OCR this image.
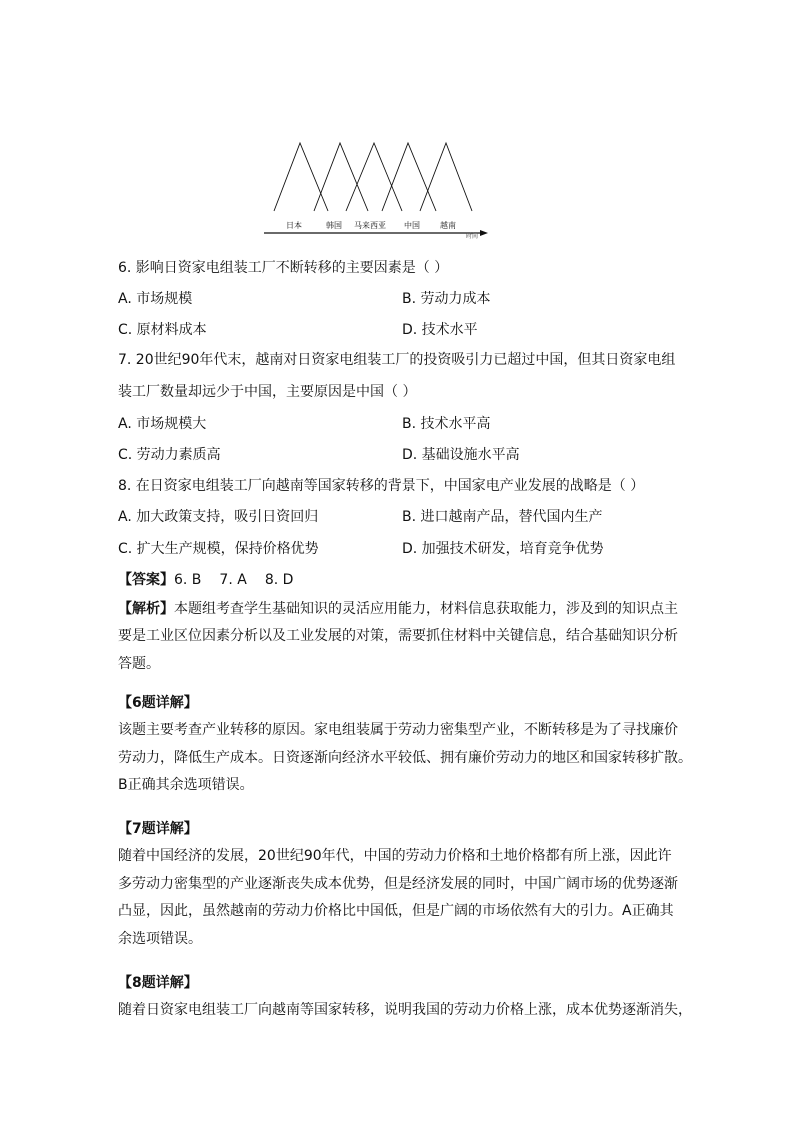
日本	韩国 马来西亚 中国	越南
时间
6. 影响日资家电组装工厂不断转移的主要因素是（ ）
A. 市场规模	B. 劳动力成本
C. 原材料成本	D. 技术水平
7. 20世纪90年代末，越南对日资家电组装工厂的投资吸引力已超过中国，但其日资家电组
装工厂数量却远少于中国，主要原因是中国（ ）
A. 市场规模大	B. 技术水平高
C. 劳动力素质高	D. 基础设施水平高
8. 在日资家电组装工厂向越南等国家转移的背景下，中国家电产业发展的战略是（ ）
A. 加大政策支持，吸引日资回归	B. 进口越南产品，替代国内生产
C. 扩大生产规模，保持价格优势	D. 加强技术研发，培育竞争优势
【答案】6. B 7. A 8. D
【解析】本题组考查学生基础知识的灵活应用能力，材料信息获取能力，涉及到的知识点主
要是工业区位因素分析以及工业发展的对策，需要抓住材料中关键信息，结合基础知识分析
答题。
【6题详解】
该题主要考查产业转移的原因。家电组装属于劳动力密集型产业，不断转移是为了寻找廉价
劳动力，降低生产成本。日资逐渐向经济水平较低、拥有廉价劳动力的地区和国家转移扩散。
B正确其余选项错误。
【7题详解】
随着中国经济的发展，20世纪90年代，中国的劳动力价格和土地价格都有所上涨，因此许
多劳动力密集型的产业逐渐丧失成本优势，但是经济发展的同时，中国广阔市场的优势逐渐
凸显，因此，虽然越南的劳动力价格比中国低，但是广阔的市场依然有大的引力。A正确其
余选项错误。
【8题详解】
随着日资家电组装工厂向越南等国家转移，说明我国的劳动力价格上涨，成本优势逐渐消失，
